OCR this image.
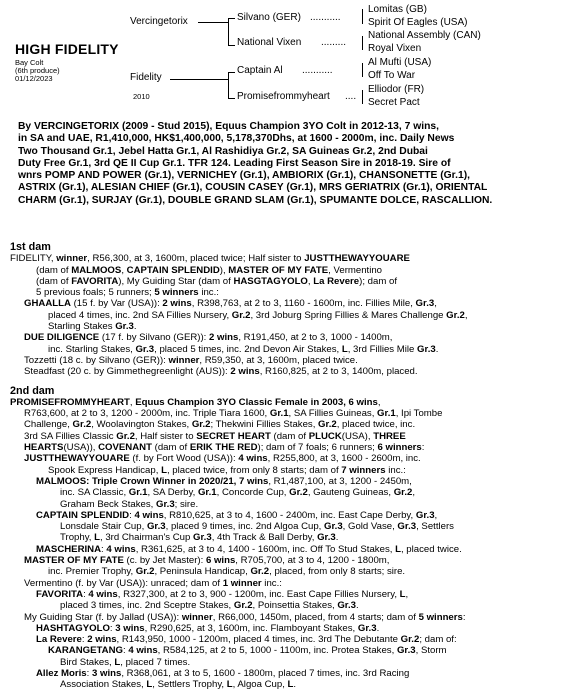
HIGH FIDELITY
Bay Colt
(6th produce)
01/12/2023
Vercingetorix
Fidelity
2010
Silvano (GER)
National Vixen
Captain Al
Promisefrommyheart
Lomitas (GB)
Spirit Of Eagles (USA)
National Assembly (CAN)
Royal Vixen
Al Mufti (USA)
Off To War
Elliodor (FR)
Secret Pact
...........
.........
...........
....
By VERCINGETORIX (2009 - Stud 2015), Equus Champion 3YO Colt in 2012-13, 7 wins,
in SA and UAE, R1,410,000, HK$1,400,000, 5,178,370Dhs, at 1600 - 2000m, inc. Daily News
Two Thousand Gr.1, Jebel Hatta Gr.1, Al Rashidiya Gr.2, SA Guineas Gr.2, 2nd Dubai
Duty Free Gr.1, 3rd QE II Cup Gr.1. TFR 124. Leading First Season Sire in 2018-19. Sire of
wnrs POMP AND POWER (Gr.1), VERNICHEY (Gr.1), AMBIORIX (Gr.1), CHANSONETTE (Gr.1),
ASTRIX (Gr.1), ALESIAN CHIEF (Gr.1), COUSIN CASEY (Gr.1), MRS GERIATRIX (Gr.1), ORIENTAL
CHARM (Gr.1), SURJAY (Gr.1), DOUBLE GRAND SLAM (Gr.1), SPUMANTE DOLCE, RASCALLION.
1st dam
FIDELITY, winner, R56,300, at 3, 1600m, placed twice; Half sister to JUSTTHEWAYYOUARE
(dam of MALMOOS, CAPTAIN SPLENDID), MASTER OF MY FATE, Vermentino
(dam of FAVORITA), My Guiding Star (dam of HASGTAGYOLO, La Revere); dam of
5 previous foals; 5 runners; 5 winners inc.:
GHAALLA (15 f. by Var (USA)): 2 wins, R398,763, at 2 to 3, 1160 - 1600m, inc. Fillies Mile, Gr.3,
placed 4 times, inc. 2nd SA Fillies Nursery, Gr.2, 3rd Joburg Spring Fillies & Mares Challenge Gr.2,
Starling Stakes Gr.3.
DUE DILIGENCE (17 f. by Silvano (GER)): 2 wins, R191,450, at 2 to 3, 1000 - 1400m,
inc. Starling Stakes, Gr.3, placed 5 times, inc. 2nd Devon Air Stakes, L, 3rd Fillies Mile Gr.3.
Tozzetti (18 c. by Silvano (GER)): winner, R59,350, at 3, 1600m, placed twice.
Steadfast (20 c. by Gimmethegreenlight (AUS)): 2 wins, R160,825, at 2 to 3, 1400m, placed.
2nd dam
PROMISEFROMMYHEART, Equus Champion 3YO Classic Female in 2003, 6 wins,
R763,600, at 2 to 3, 1200 - 2000m, inc. Triple Tiara 1600, Gr.1, SA Fillies Guineas, Gr.1, Ipi Tombe
Challenge, Gr.2, Woolavington Stakes, Gr.2; Thekwini Fillies Stakes, Gr.2, placed twice, inc.
3rd SA Fillies Classic Gr.2, Half sister to SECRET HEART (dam of PLUCK(USA), THREE
HEARTS(USA)), COVENANT (dam of ERIK THE RED); dam of 7 foals; 6 runners; 6 winners:
JUSTTHEWAYYOUARE (f. by Fort Wood (USA)): 4 wins, R255,800, at 3, 1600 - 2600m, inc.
Spook Express Handicap, L, placed twice, from only 8 starts; dam of 7 winners inc.:
MALMOOS: Triple Crown Winner in 2020/21, 7 wins, R1,487,100, at 3, 1200 - 2450m,
inc. SA Classic, Gr.1, SA Derby, Gr.1, Concorde Cup, Gr.2, Gauteng Guineas, Gr.2,
Graham Beck Stakes, Gr.3; sire.
CAPTAIN SPLENDID: 4 wins, R810,625, at 3 to 4, 1600 - 2400m, inc. East Cape Derby, Gr.3,
Lonsdale Stair Cup, Gr.3, placed 9 times, inc. 2nd Algoa Cup, Gr.3, Gold Vase, Gr.3, Settlers
Trophy, L, 3rd Chairman's Cup Gr.3, 4th Track & Ball Derby, Gr.3.
MASCHERINA: 4 wins, R361,625, at 3 to 4, 1400 - 1600m, inc. Off To Stud Stakes, L, placed twice.
MASTER OF MY FATE (c. by Jet Master): 6 wins, R705,700, at 3 to 4, 1200 - 1800m,
inc. Premier Trophy, Gr.2, Peninsula Handicap, Gr.2, placed, from only 8 starts; sire.
Vermentino (f. by Var (USA)): unraced; dam of 1 winner inc.:
FAVORITA: 4 wins, R327,300, at 2 to 3, 900 - 1200m, inc. East Cape Fillies Nursery, L,
placed 3 times, inc. 2nd Sceptre Stakes, Gr.2, Poinsettia Stakes, Gr.3.
My Guiding Star (f. by Jallad (USA)): winner, R66,000, 1450m, placed, from 4 starts; dam of 5 winners:
HASHTAGYOLO: 3 wins, R290,625, at 3, 1600m, inc. Flamboyant Stakes, Gr.3.
La Revere: 2 wins, R143,950, 1000 - 1200m, placed 4 times, inc. 3rd The Debutante Gr.2; dam of:
KARANGETANG: 4 wins, R584,125, at 2 to 5, 1000 - 1100m, inc. Protea Stakes, Gr.3, Storm
Bird Stakes, L, placed 7 times.
Allez Moris: 3 wins, R368,061, at 3 to 5, 1600 - 1800m, placed 7 times, inc. 3rd Racing
Association Stakes, L, Settlers Trophy, L, Algoa Cup, L.
